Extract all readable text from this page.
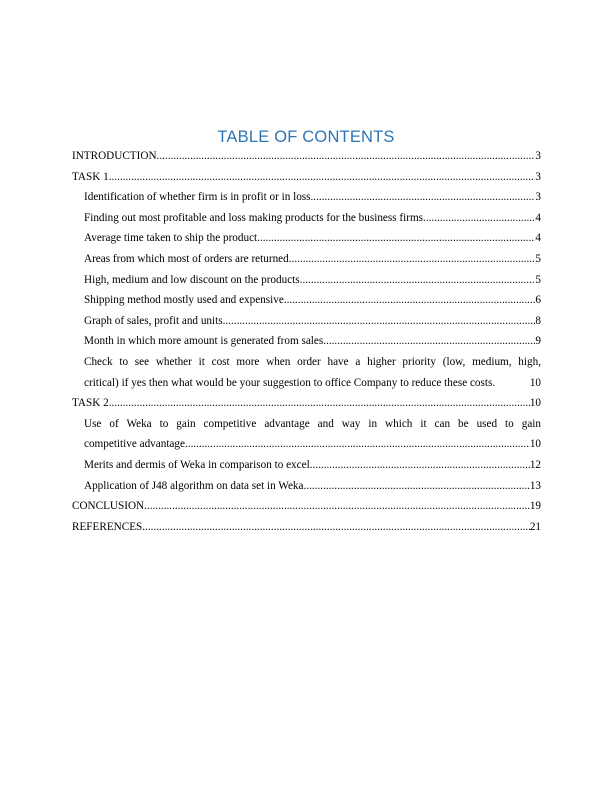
TABLE OF CONTENTS
INTRODUCTION .....	3
TASK 1 .....	3
Identification of whether firm is in profit or in loss .....	3
Finding out most profitable and loss making products for the business firms .....	4
Average time taken to ship the product .....	4
Areas from which most of orders are returned .....	5
High, medium and low discount on the products .....	5
Shipping method mostly used and expensive .....	6
Graph of sales, profit and units .....	8
Month in which more amount is generated from sales .....	9
Check to see whether it cost more when order have a higher priority (low, medium, high,
critical) if yes then what would be your suggestion to office Company to reduce these costs.	10
TASK 2 .....	10
Use of Weka to gain competitive advantage and way in which it can be used to gain
competitive advantage .....	10
Merits and dermis of Weka in comparison to excel .....	12
Application of J48 algorithm on data set in Weka .....	13
CONCLUSION .....	19
REFERENCES .....	21
